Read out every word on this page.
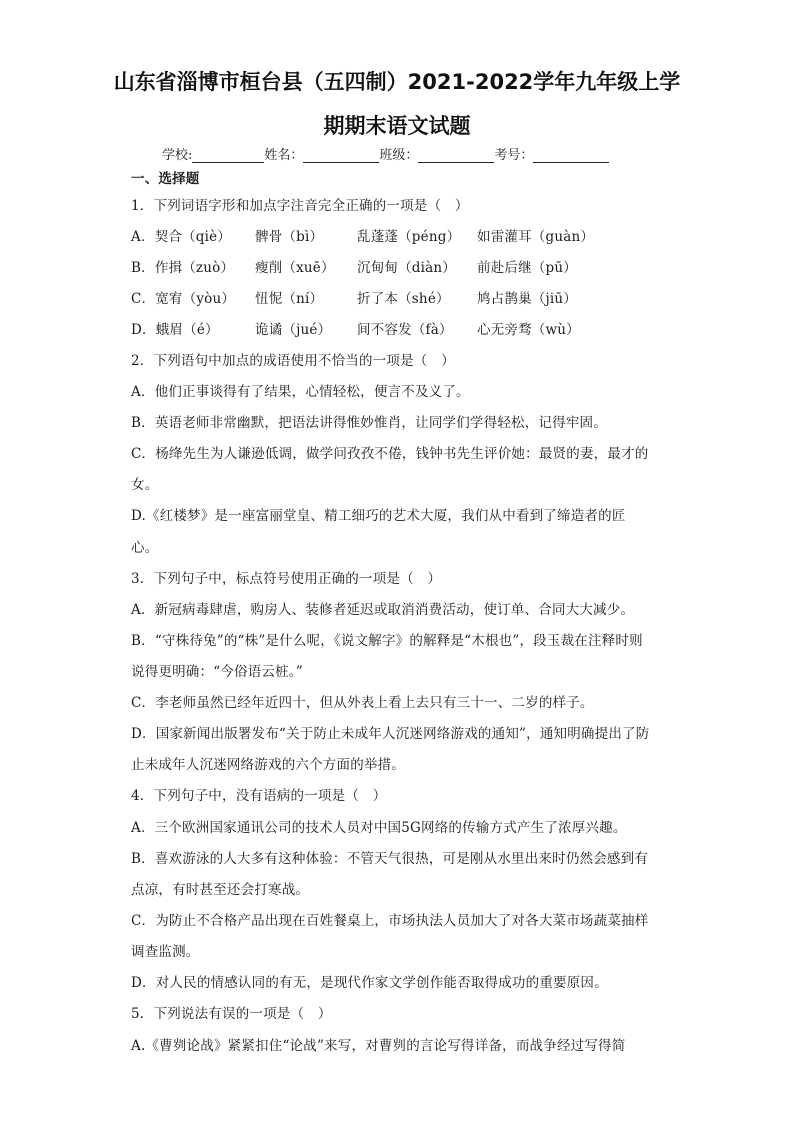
山东省淄博市桓台县（五四制）2021-2022学年九年级上学
期期末语文试题
学校:	姓名：	班级：	考号：
一、选择题
1．下列词语字形和加点字注音完全正确的一项是（　）
A．契合（qiè） 髀骨（bì）	乱蓬蓬（péng） 如雷灌耳（guàn）
B．作揖（zuò） 瘦削（xuē） 沉甸甸（diàn） 前赴后继（pū）
C．宽宥（yòu） 忸怩（ní）	折了本（shé） 鸠占鹊巢（jiū）
D．蛾眉（é）	诡谲（jué） 间不容发（fà） 心无旁骛（wù）
2．下列语句中加点的成语使用不恰当的一项是（　）
A．他们正事谈得有了结果，心情轻松，便言不及义了。
B．英语老师非常幽默，把语法讲得惟妙惟肖，让同学们学得轻松，记得牢固。
C．杨绛先生为人谦逊低调，做学问孜孜不倦，钱钟书先生评价她：最贤的妻，最才的
女。
D.《红楼梦》是一座富丽堂皇、精工细巧的艺术大厦，我们从中看到了缔造者的匠
心。
3．下列句子中，标点符号使用正确的一项是（　）
A．新冠病毒肆虐，购房人、装修者延迟或取消消费活动，使订单、合同大大减少。
B．“守株待兔”的“株”是什么呢，《说文解字》的解释是“木根也”，段玉裁在注释时则
说得更明确：“今俗语云桩。”
C．李老师虽然已经年近四十，但从外表上看上去只有三十一、二岁的样子。
D．国家新闻出版署发布“关于防止未成年人沉迷网络游戏的通知”，通知明确提出了防
止未成年人沉迷网络游戏的六个方面的举措。
4．下列句子中，没有语病的一项是（　）
A．三个欧洲国家通讯公司的技术人员对中国5G网络的传输方式产生了浓厚兴趣。
B．喜欢游泳的人大多有这种体验：不管天气很热，可是刚从水里出来时仍然会感到有
点凉，有时甚至还会打寒战。
C．为防止不合格产品出现在百姓餐桌上，市场执法人员加大了对各大菜市场蔬菜抽样
调查监测。
D．对人民的情感认同的有无，是现代作家文学创作能否取得成功的重要原因。
5．下列说法有误的一项是（　）
A.《曹刿论战》紧紧扣住“论战”来写，对曹刿的言论写得详备，而战争经过写得简
